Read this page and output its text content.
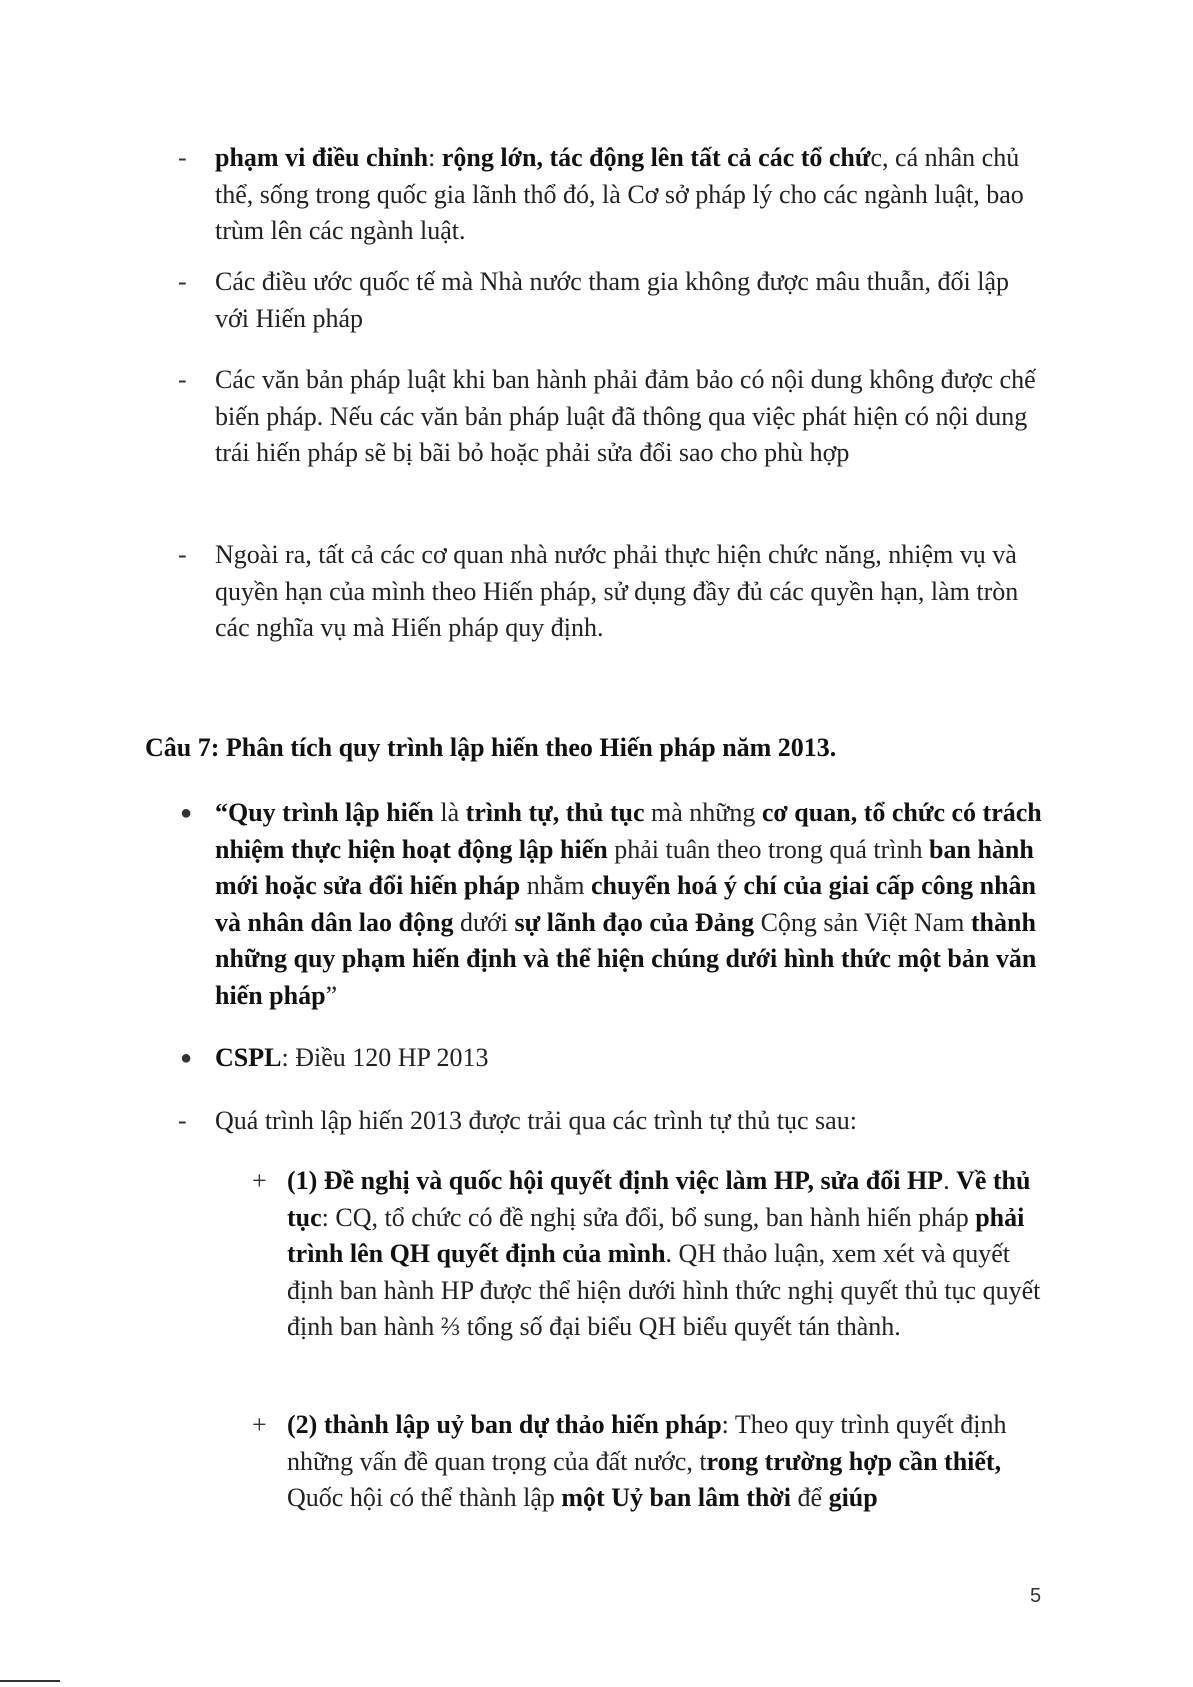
- phạm vi điều chỉnh: rộng lớn, tác động lên tất cả các tổ chức, cá nhân chủ thể, sống trong quốc gia lãnh thổ đó, là Cơ sở pháp lý cho các ngành luật, bao trùm lên các ngành luật.

- Các điều ước quốc tế mà Nhà nước tham gia không được mâu thuẫn, đối lập với Hiến pháp

- Các văn bản pháp luật khi ban hành phải đảm bảo có nội dung không được chế biến pháp. Nếu các văn bản pháp luật đã thông qua việc phát hiện có nội dung trái hiến pháp sẽ bị bãi bỏ hoặc phải sửa đổi sao cho phù hợp

- Ngoài ra, tất cả các cơ quan nhà nước phải thực hiện chức năng, nhiệm vụ và quyền hạn của mình theo Hiến pháp, sử dụng đầy đủ các quyền hạn, làm tròn các nghĩa vụ mà Hiến pháp quy định.

Câu 7: Phân tích quy trình lập hiến theo Hiến pháp năm 2013.
● “Quy trình lập hiến là trình tự, thủ tục mà những cơ quan, tổ chức có trách nhiệm thực hiện hoạt động lập hiến phải tuân theo trong quá trình ban hành mới hoặc sửa đổi hiến pháp nhằm chuyển hoá ý chí của giai cấp công nhân và nhân dân lao động dưới sự lãnh đạo của Đảng Cộng sản Việt Nam thành những quy phạm hiến định và thể hiện chúng dưới hình thức một bản văn hiến pháp”

● CSPL: Điều 120 HP 2013

- Quá trình lập hiến 2013 được trải qua các trình tự thủ tục sau:

+ (1) Đề nghị và quốc hội quyết định việc làm HP, sửa đổi HP. Về thủ tục: CQ, tổ chức có đề nghị sửa đổi, bổ sung, ban hành hiến pháp phải trình lên QH quyết định của mình. QH thảo luận, xem xét và quyết định ban hành HP được thể hiện dưới hình thức nghị quyết thủ tục quyết định ban hành ⅔ tổng số đại biểu QH biểu quyết tán thành.

+ (2) thành lập uỷ ban dự thảo hiến pháp: Theo quy trình quyết định những vấn đề quan trọng của đất nước, trong trường hợp cần thiết, Quốc hội có thể thành lập một Uỷ ban lâm thời để giúp

5
